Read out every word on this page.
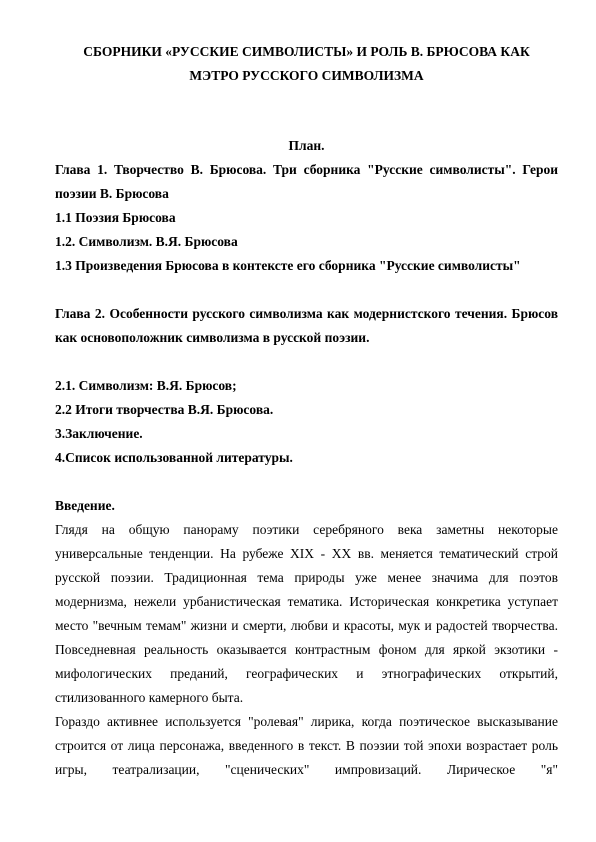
СБОРНИКИ «РУССКИЕ СИМВОЛИСТЫ» И РОЛЬ В. БРЮСОВА КАК

МЭТРО РУССКОГО СИМВОЛИЗМА

План.

Глава 1. Творчество В. Брюсова. Три сборника "Русские символисты". Герои поэзии В. Брюсова

1.1 Поэзия Брюсова

1.2. Символизм. В.Я. Брюсова

1.3 Произведения Брюсова в контексте его сборника "Русские символисты"

Глава 2. Особенности русского символизма как модернистского течения. Брюсов как основоположник символизма в русской поэзии.

2.1. Символизм: В.Я. Брюсов;

2.2 Итоги творчества В.Я. Брюсова.

3.Заключение.

4.Список использованной литературы.

Введение.

Глядя на общую панораму поэтики серебряного века заметны некоторые универсальные тенденции. На рубеже XIX - XX вв. меняется тематический строй русской поэзии. Традиционная тема природы уже менее значима для поэтов модернизма, нежели урбанистическая тематика. Историческая конкретика уступает место "вечным темам" жизни и смерти, любви и красоты, мук и радостей творчества. Повседневная реальность оказывается контрастным фоном для яркой экзотики - мифологических преданий, географических и этнографических открытий, стилизованного камерного быта.

Гораздо активнее используется "ролевая" лирика, когда поэтическое высказывание строится от лица персонажа, введенного в текст. В поэзии той эпохи возрастает роль игры, театрализации, "сценических" импровизаций. Лирическое "я"
